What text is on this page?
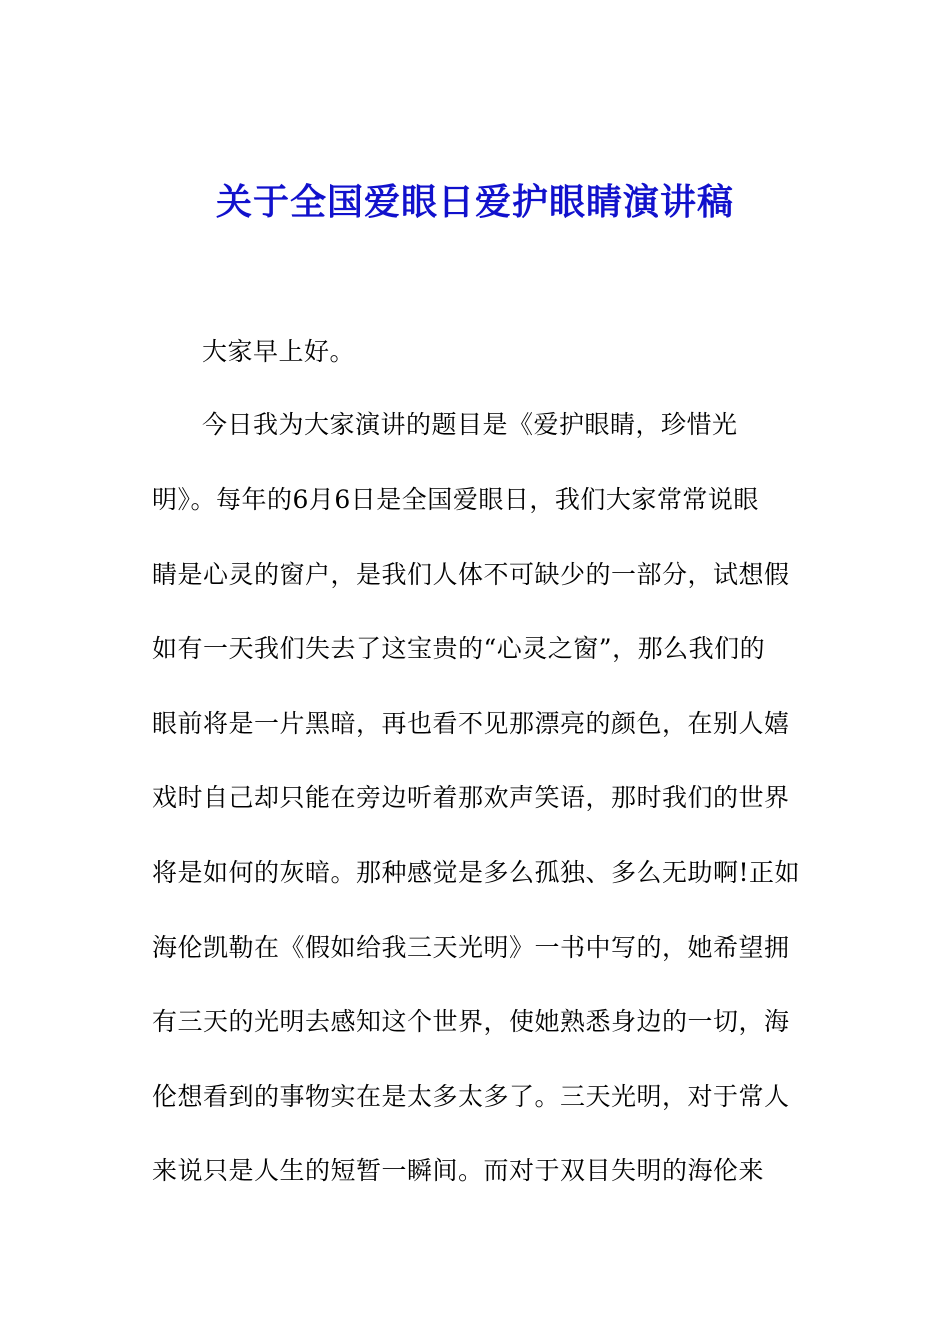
关于全国爱眼日爱护眼睛演讲稿
大家早上好。
今日我为大家演讲的题目是《爱护眼睛，珍惜光
明》。每年的6月6日是全国爱眼日，我们大家常常说眼
睛是心灵的窗户，是我们人体不可缺少的一部分，试想假
如有一天我们失去了这宝贵的“心灵之窗”，那么我们的
眼前将是一片黑暗，再也看不见那漂亮的颜色，在别人嬉
戏时自己却只能在旁边听着那欢声笑语，那时我们的世界
将是如何的灰暗。那种感觉是多么孤独、多么无助啊!正如
海伦凯勒在《假如给我三天光明》一书中写的，她希望拥
有三天的光明去感知这个世界，使她熟悉身边的一切，海
伦想看到的事物实在是太多太多了。三天光明，对于常人
来说只是人生的短暂一瞬间。而对于双目失明的海伦来
